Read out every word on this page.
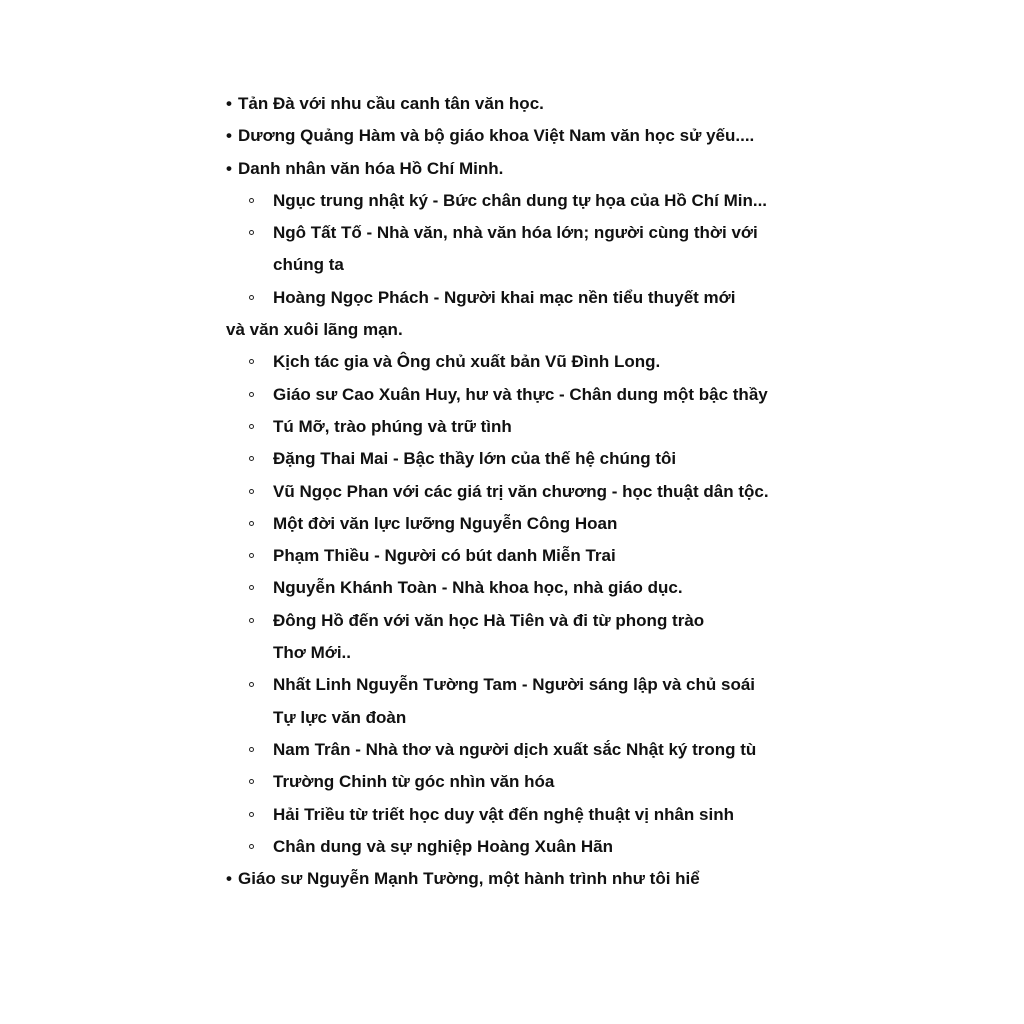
• Tản Đà với nhu cầu canh tân văn học.
• Dương Quảng Hàm và bộ giáo khoa Việt Nam văn học sử yếu....
• Danh nhân văn hóa Hồ Chí Minh.
Ngục trung nhật ký - Bức chân dung tự họa của Hồ Chí Min...
Ngô Tất Tố - Nhà văn, nhà văn hóa lớn; người cùng thời với
chúng ta
Hoàng Ngọc Phách - Người khai mạc nền tiểu thuyết mới
và văn xuôi lãng mạn.
Kịch tác gia và Ông chủ xuất bản Vũ Đình Long.
Giáo sư Cao Xuân Huy, hư và thực - Chân dung một bậc thầy
Tú Mỡ, trào phúng và trữ tình
Đặng Thai Mai - Bậc thầy lớn của thế hệ chúng tôi
Vũ Ngọc Phan với các giá trị văn chương - học thuật dân tộc.
Một đời văn lực lưỡng Nguyễn Công Hoan
Phạm Thiều - Người có bút danh Miễn Trai
Nguyễn Khánh Toàn - Nhà khoa học, nhà giáo dục.
Đông Hồ đến với văn học Hà Tiên và đi từ phong trào
Thơ Mới..
Nhất Linh Nguyễn Tường Tam - Người sáng lập và chủ soái
Tự lực văn đoàn
Nam Trân - Nhà thơ và người dịch xuất sắc Nhật ký trong tù
Trường Chinh từ góc nhìn văn hóa
Hải Triều từ triết học duy vật đến nghệ thuật vị nhân sinh
Chân dung và sự nghiệp Hoàng Xuân Hãn
• Giáo sư Nguyễn Mạnh Tường, một hành trình như tôi hiể
